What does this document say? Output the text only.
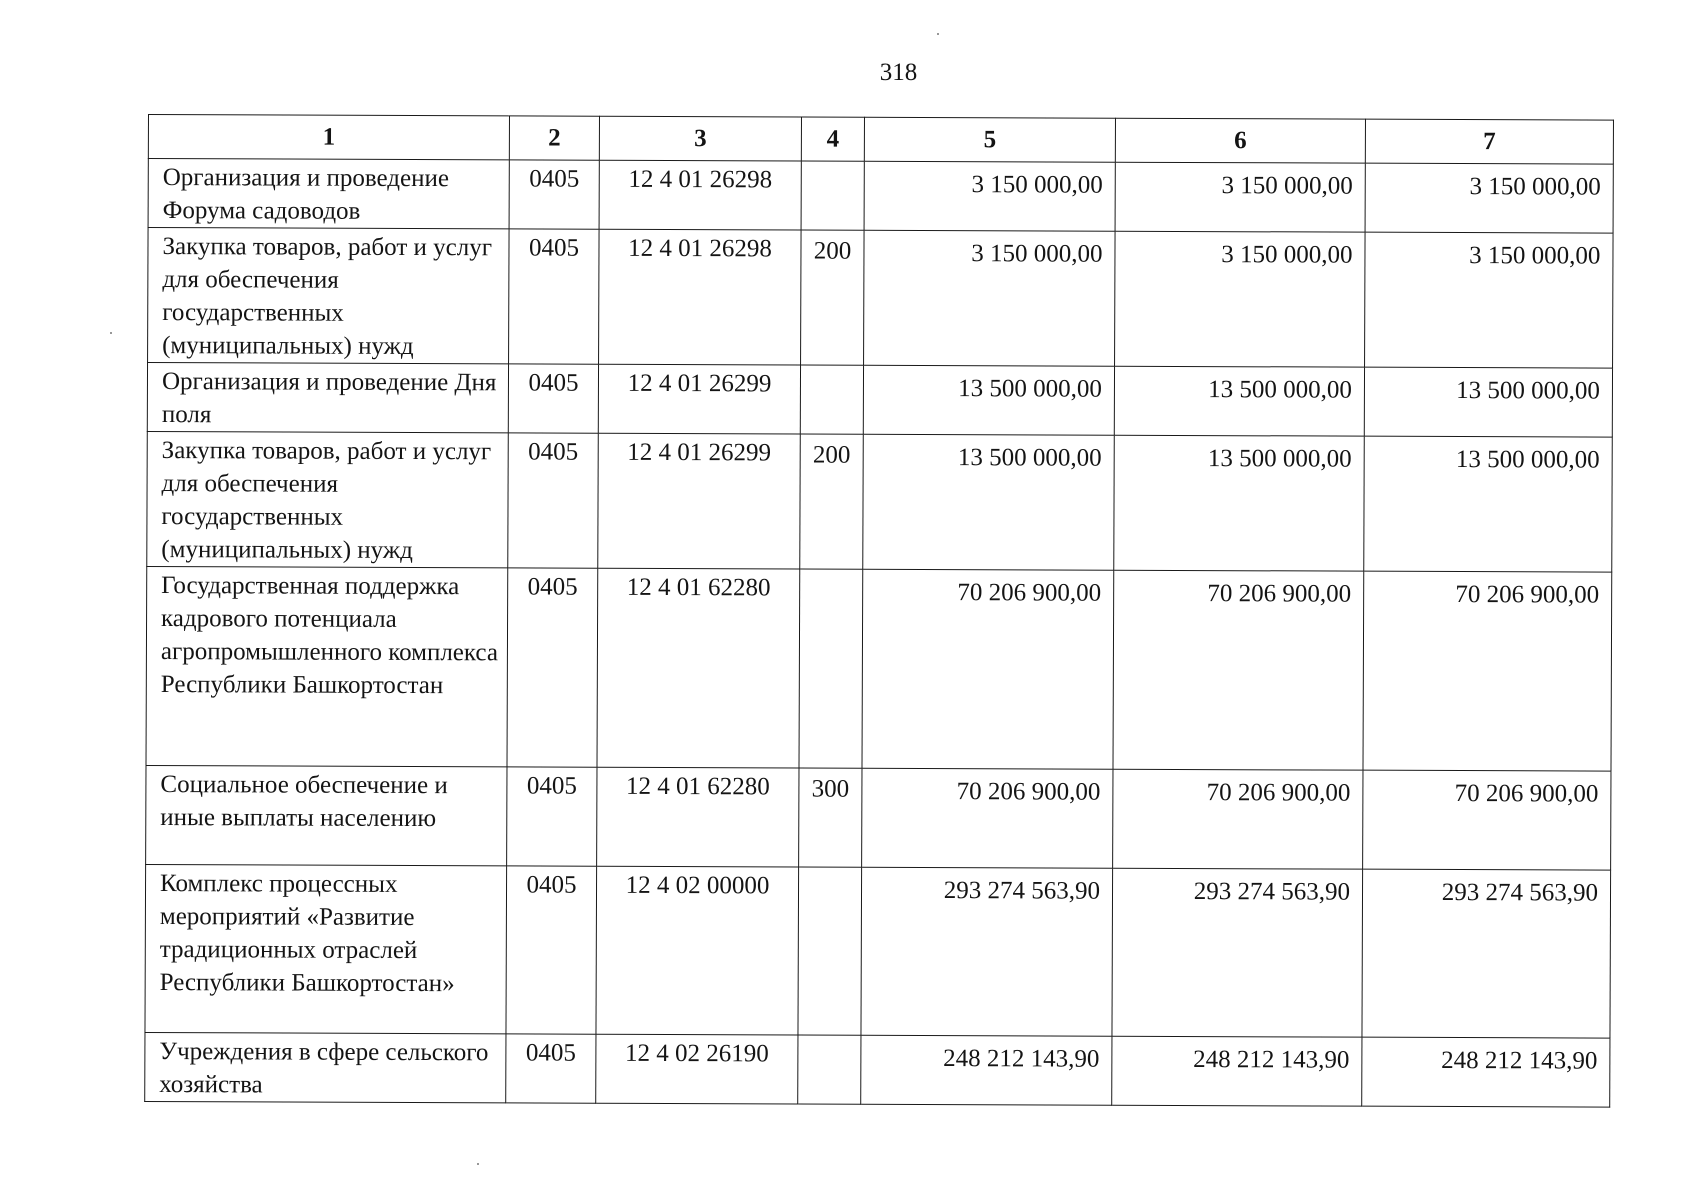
318
1	2	3	4	5	6	7
Организация и проведение Форума садоводов	0405	12 4 01 26298		3 150 000,00	3 150 000,00	3 150 000,00
Закупка товаров, работ и услуг для обеспечения государственных (муниципальных) нужд	0405	12 4 01 26298	200	3 150 000,00	3 150 000,00	3 150 000,00
Организация и проведение Дня поля	0405	12 4 01 26299		13 500 000,00	13 500 000,00	13 500 000,00
Закупка товаров, работ и услуг для обеспечения государственных (муниципальных) нужд	0405	12 4 01 26299	200	13 500 000,00	13 500 000,00	13 500 000,00
Государственная поддержка кадрового потенциала агропромышленного комплекса Республики Башкортостан	0405	12 4 01 62280		70 206 900,00	70 206 900,00	70 206 900,00
Социальное обеспечение и иные выплаты населению	0405	12 4 01 62280	300	70 206 900,00	70 206 900,00	70 206 900,00
Комплекс процессных мероприятий «Развитие традиционных отраслей Республики Башкортостан»	0405	12 4 02 00000		293 274 563,90	293 274 563,90	293 274 563,90
Учреждения в сфере сельского хозяйства	0405	12 4 02 26190		248 212 143,90	248 212 143,90	248 212 143,90
